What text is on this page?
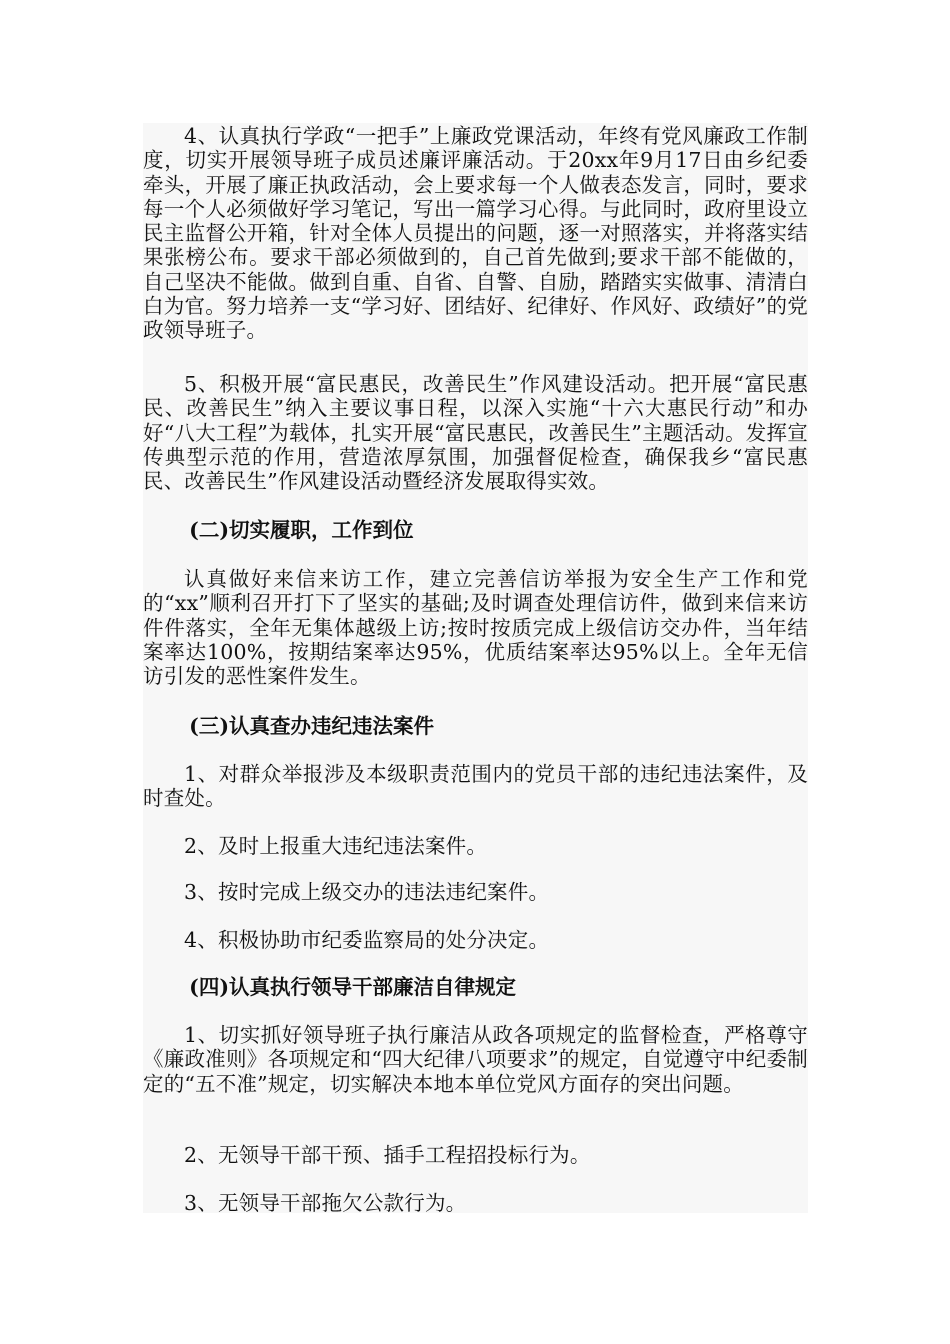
4、认真执行学政“一把手”上廉政党课活动，年终有党风廉政工作制度，切实开展领导班子成员述廉评廉活动。于20xx年9月17日由乡纪委牵头，开展了廉正执政活动，会上要求每一个人做表态发言，同时，要求每一个人必须做好学习笔记，写出一篇学习心得。与此同时，政府里设立民主监督公开箱，针对全体人员提出的问题，逐一对照落实，并将落实结果张榜公布。要求干部必须做到的，自己首先做到;要求干部不能做的，自己坚决不能做。做到自重、自省、自警、自励，踏踏实实做事、清清白白为官。努力培养一支“学习好、团结好、纪律好、作风好、政绩好”的党政领导班子。

5、积极开展“富民惠民，改善民生”作风建设活动。把开展“富民惠民、改善民生”纳入主要议事日程，以深入实施“十六大惠民行动”和办好“八大工程”为载体，扎实开展“富民惠民，改善民生”主题活动。发挥宣传典型示范的作用，营造浓厚氛围，加强督促检查，确保我乡“富民惠民、改善民生”作风建设活动暨经济发展取得实效。

(二)切实履职，工作到位

认真做好来信来访工作，建立完善信访举报为安全生产工作和党的“xx”顺利召开打下了坚实的基础;及时调查处理信访件，做到来信来访件件落实，全年无集体越级上访;按时按质完成上级信访交办件，当年结案率达100%，按期结案率达95%，优质结案率达95%以上。全年无信访引发的恶性案件发生。

(三)认真查办违纪违法案件

1、对群众举报涉及本级职责范围内的党员干部的违纪违法案件，及时查处。

2、及时上报重大违纪违法案件。

3、按时完成上级交办的违法违纪案件。

4、积极协助市纪委监察局的处分决定。

(四)认真执行领导干部廉洁自律规定

1、切实抓好领导班子执行廉洁从政各项规定的监督检查，严格尊守《廉政准则》各项规定和“四大纪律八项要求”的规定，自觉遵守中纪委制定的“五不准”规定，切实解决本地本单位党风方面存的突出问题。

2、无领导干部干预、插手工程招投标行为。

3、无领导干部拖欠公款行为。
